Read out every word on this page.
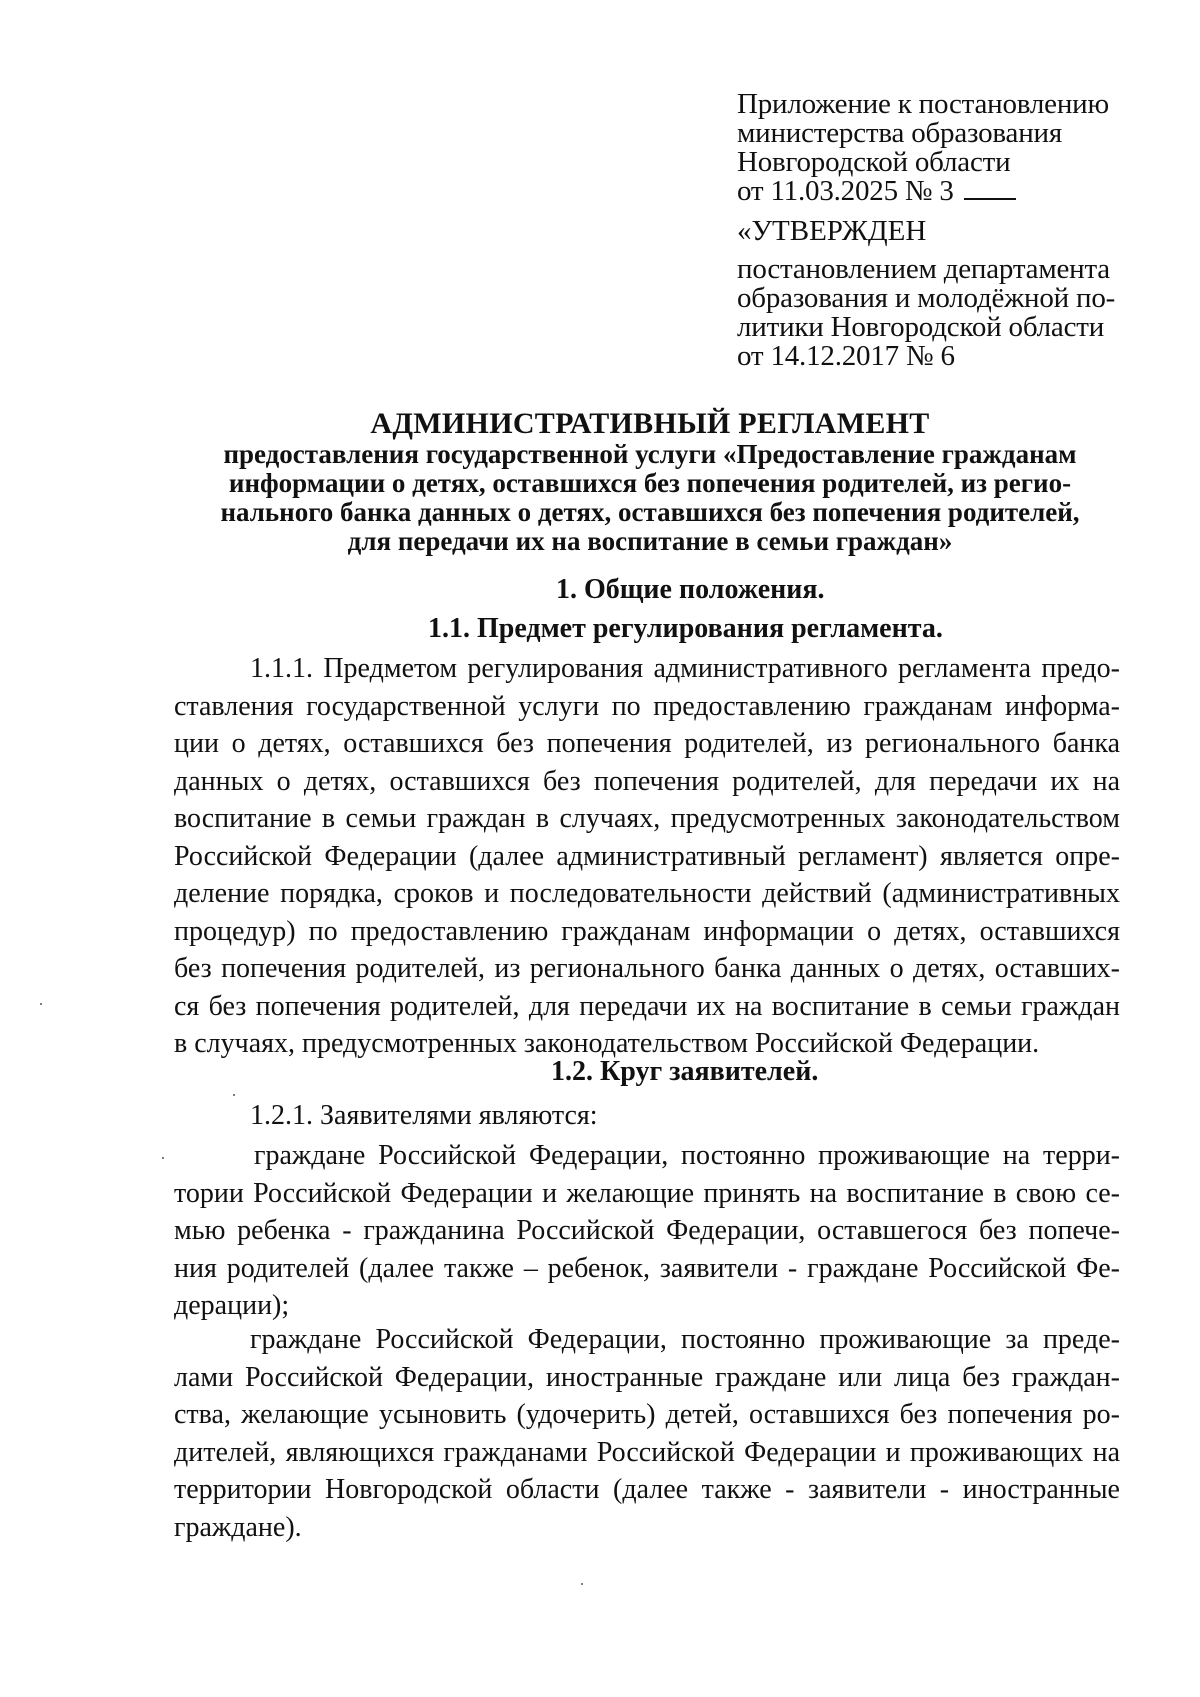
Приложение к постановлению
министерства образования
Новгородской области
от 11.03.2025 № 3
«УТВЕРЖДЕН
постановлением департамента
образования и молодёжной по-
литики Новгородской области
от 14.12.2017 № 6
АДМИНИСТРАТИВНЫЙ РЕГЛАМЕНТ
предоставления государственной услуги «Предоставление гражданам
информации о детях, оставшихся без попечения родителей, из регио-
нального банка данных о детях, оставшихся без попечения родителей,
для передачи их на воспитание в семьи граждан»
1. Общие положения.
1.1. Предмет регулирования регламента.
1.1.1. Предметом регулирования административного регламента предо-
ставления государственной услуги по предоставлению гражданам информа-
ции о детях, оставшихся без попечения родителей, из регионального банка
данных о детях, оставшихся без попечения родителей, для передачи их на
воспитание в семьи граждан в случаях, предусмотренных законодательством
Российской Федерации (далее административный регламент) является опре-
деление порядка, сроков и последовательности действий (административных
процедур) по предоставлению гражданам информации о детях, оставшихся
без попечения родителей, из регионального банка данных о детях, оставших-
ся без попечения родителей, для передачи их на воспитание в семьи граждан
в случаях, предусмотренных законодательством Российской Федерации.
1.2. Круг заявителей.
1.2.1. Заявителями являются:
граждане Российской Федерации, постоянно проживающие на терри-
тории Российской Федерации и желающие принять на воспитание в свою се-
мью ребенка - гражданина Российской Федерации, оставшегося без попече-
ния родителей (далее также – ребенок, заявители - граждане Российской Фе-
дерации);
граждане Российской Федерации, постоянно проживающие за преде-
лами Российской Федерации, иностранные граждане или лица без граждан-
ства, желающие усыновить (удочерить) детей, оставшихся без попечения ро-
дителей, являющихся гражданами Российской Федерации и проживающих на
территории Новгородской области (далее также - заявители - иностранные
граждане).
